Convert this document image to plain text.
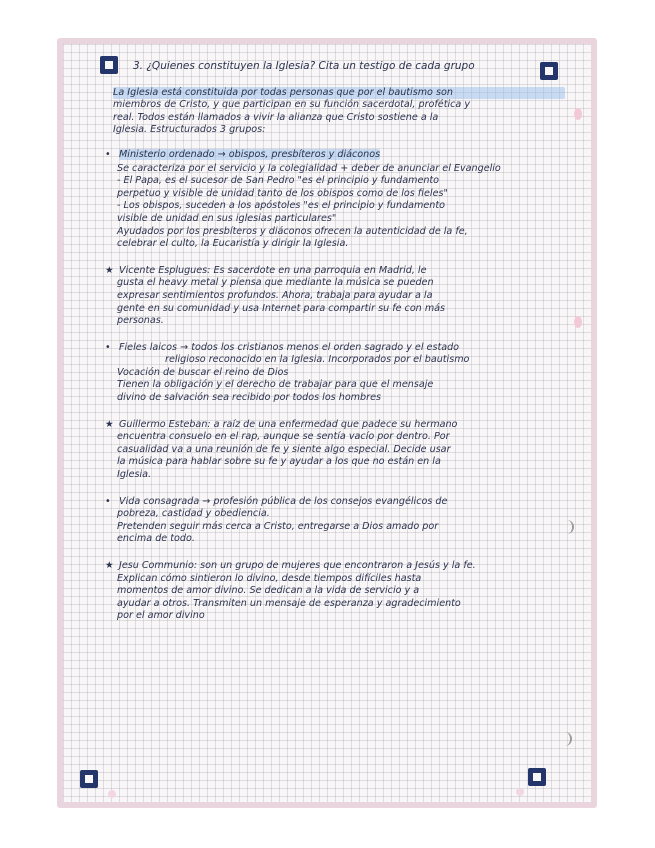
3. ¿Quienes constituyen la Iglesia? Cita un testigo de cada grupo
La Iglesia está constituida por todas personas que por el bautismo son
miembros de Cristo, y que participan en su función sacerdotal, profética y
real. Todos están llamados a vivir la alianza que Cristo sostiene a la
Iglesia. Estructurados 3 grupos:
• Ministerio ordenado → obispos, presbíteros y diáconos
Se caracteriza por el servicio y la colegialidad + deber de anunciar el Evangelio
- El Papa, es el sucesor de San Pedro "es el principio y fundamento
perpetuo y visible de unidad tanto de los obispos como de los fieles"
- Los obispos, suceden a los apóstoles "es el principio y fundamento
visible de unidad en sus iglesias particulares"
Ayudados por los presbíteros y diáconos ofrecen la autenticidad de la fe,
celebrar el culto, la Eucaristía y dirigir la Iglesia.
★ Vicente Esplugues: Es sacerdote en una parroquia en Madrid, le
gusta el heavy metal y piensa que mediante la música se pueden
expresar sentimientos profundos. Ahora, trabaja para ayudar a la
gente en su comunidad y usa Internet para compartir su fe con más
personas.
• Fieles laicos → todos los cristianos menos el orden sagrado y el estado
religioso reconocido en la Iglesia. Incorporados por el bautismo
Vocación de buscar el reino de Dios
Tienen la obligación y el derecho de trabajar para que el mensaje
divino de salvación sea recibido por todos los hombres
★ Guillermo Esteban: a raíz de una enfermedad que padece su hermano
encuentra consuelo en el rap, aunque se sentía vacío por dentro. Por
casualidad va a una reunión de fe y siente algo especial. Decide usar
la música para hablar sobre su fe y ayudar a los que no están en la
Iglesia.
• Vida consagrada → profesión pública de los consejos evangélicos de
pobreza, castidad y obediencia.
Pretenden seguir más cerca a Cristo, entregarse a Dios amado por
encima de todo.
★ Jesu Communio: son un grupo de mujeres que encontraron a Jesús y la fe.
Explican cómo sintieron lo divino, desde tiempos difíciles hasta
momentos de amor divino. Se dedican a la vida de servicio y a
ayudar a otros. Transmiten un mensaje de esperanza y agradecimiento
por el amor divino
